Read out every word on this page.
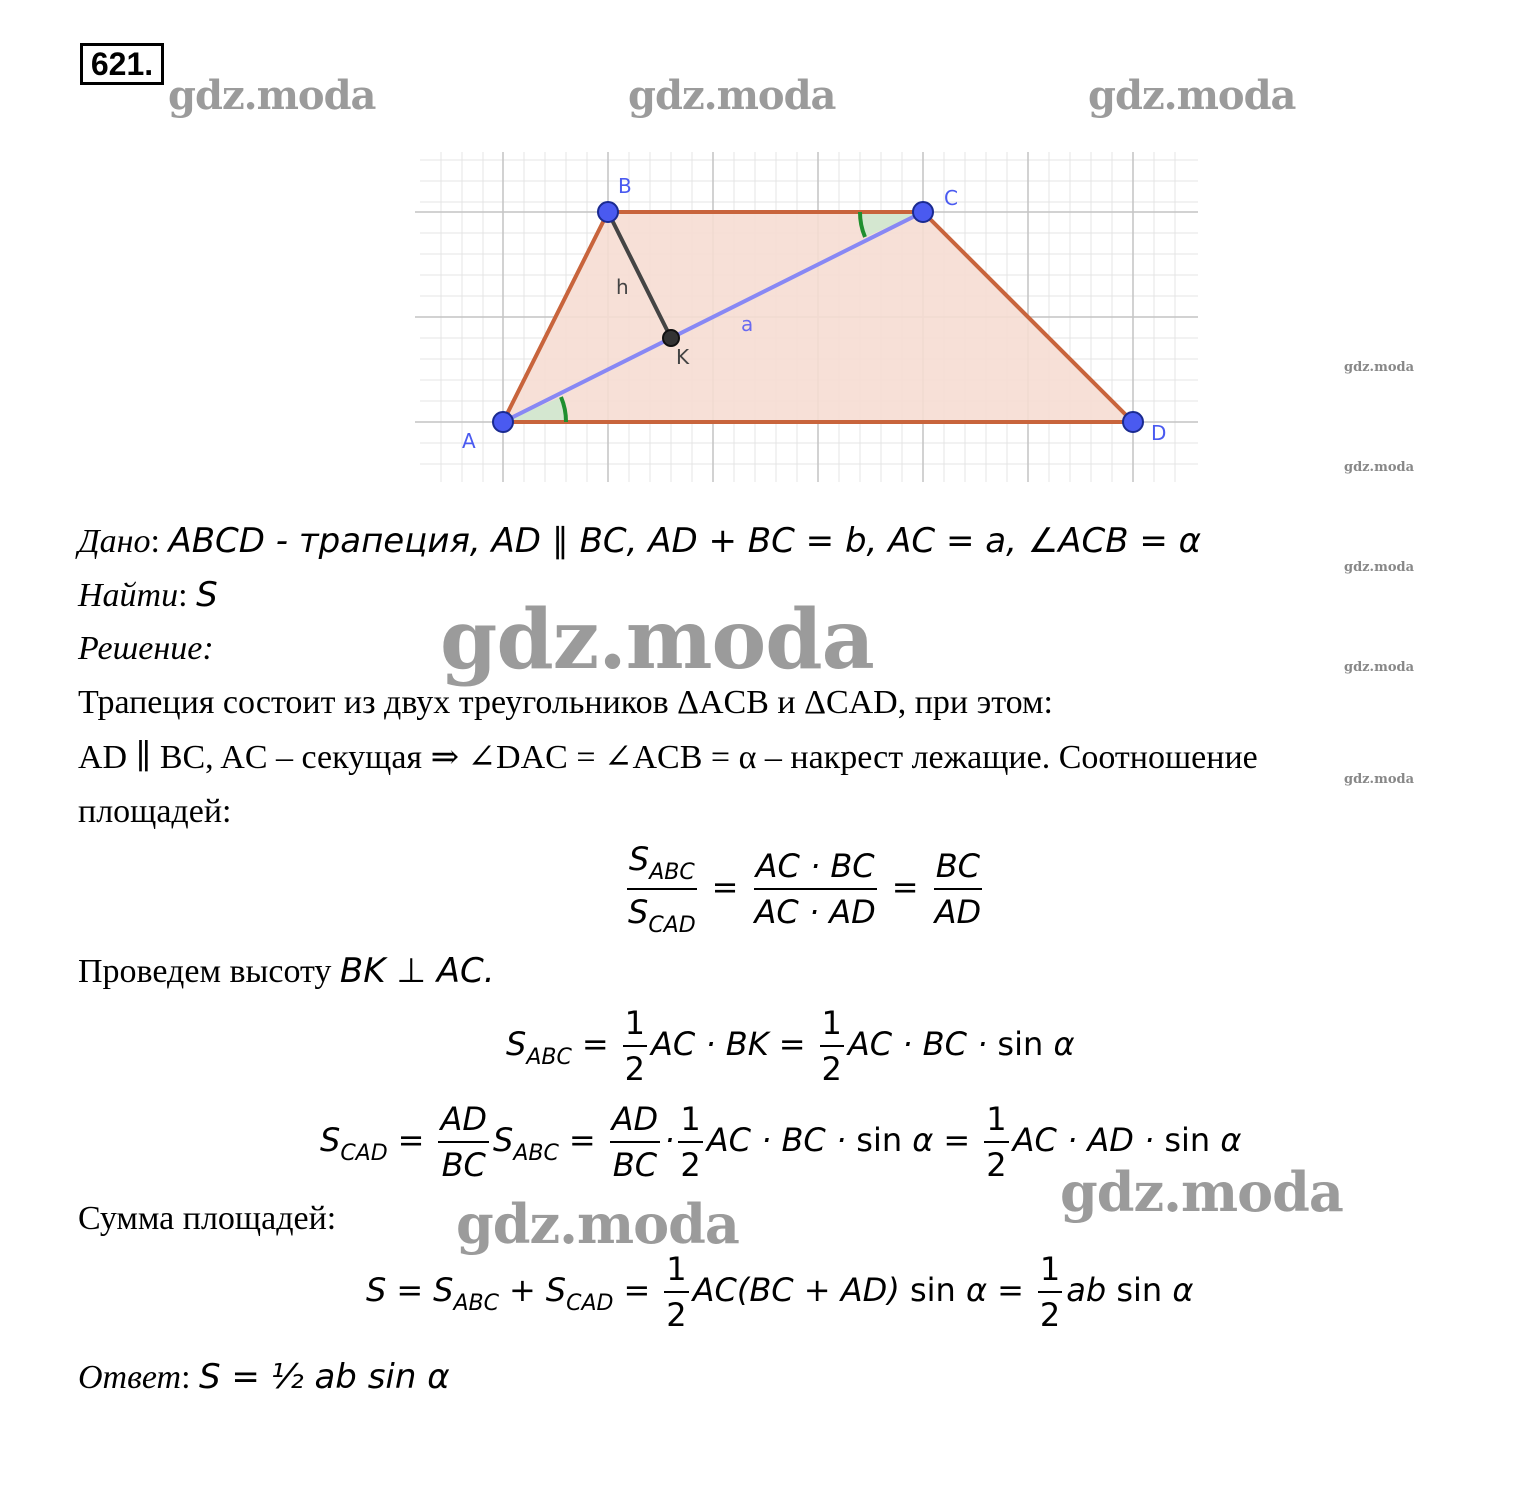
621.
gdz.moda	gdz.moda	gdz.moda
gdz.moda
gdz.moda
gdz.moda
gdz.moda
gdz.moda
B	C
A	D
K
h
a
Дано: ABCD - трапеция, AD ∥ BC, AD + BC = b, AC = a, ∠ACB = α
Найти: S
Решение:	gdz.moda
Трапеция состоит из двух треугольников ΔACB и ΔCAD, при этом:
AD ∥ BC, AC – секущая ⇒ ∠DAC = ∠ACB = α – накрест лежащие. Соотношение
площадей:
$\frac{S_{ABC}}{S_{CAD}} = \frac{AC \cdot BC}{AC \cdot AD} = \frac{BC}{AD}$
Проведем высоту BK ⊥ AC.
$S_{ABC} = \frac{1}{2}$ AC · BK = $\frac{1}{2}$ AC · BC · sin α
$S_{CAD} = \frac{AD}{BC} S_{ABC} = \frac{AD}{BC} \cdot \frac{1}{2}$ AC · BC · $\sin \alpha = \frac{1}{2}$ AC · AD · sin α
gdz.moda
gdz.moda
Сумма площадей:
$S = S_{ABC} + S_{CAD} = \frac{1}{2} AC(BC + AD)$ $\sin \alpha = \frac{1}{2}$ ab sin α
Ответ: S = ½ ab sin α
